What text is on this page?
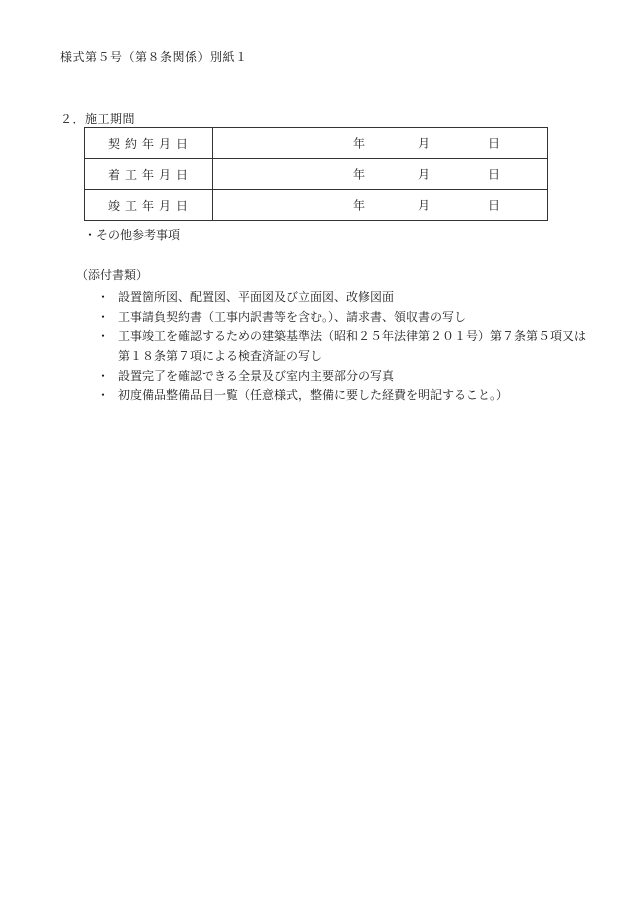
様式第５号（第８条関係）別紙１
２．施工期間
契約年月日	年 月 日

着工年月日	年 月 日

竣工年月日	年 月 日
・その他参考事項
（添付書類）
・ 設置箇所図、配置図、平面図及び立面図、改修図面
・ 工事請負契約書（工事内訳書等を含む。）、請求書、領収書の写し
・ 工事竣工を確認するための建築基準法（昭和２５年法律第２０１号）第７条第５項又は
第１８条第７項による検査済証の写し
・ 設置完了を確認できる全景及び室内主要部分の写真
・ 初度備品整備品目一覧（任意様式，整備に要した経費を明記すること。）
